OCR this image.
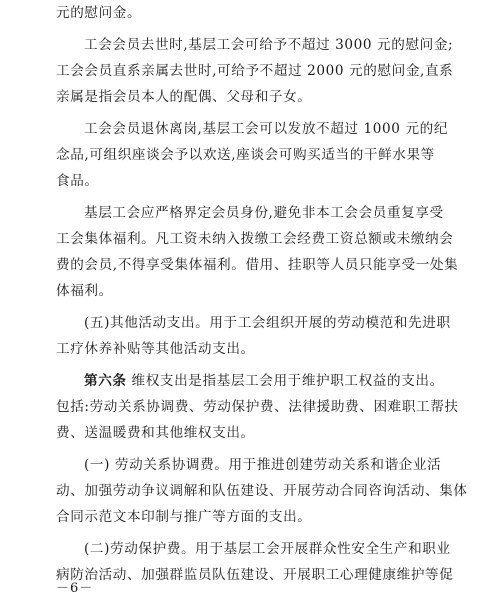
元的慰问金。
工会会员去世时,基层工会可给予不超过 3000 元的慰问金;
工会会员直系亲属去世时,可给予不超过 2000 元的慰问金,直系
亲属是指会员本人的配偶、父母和子女。
工会会员退休离岗,基层工会可以发放不超过 1000 元的纪
念品,可组织座谈会予以欢送,座谈会可购买适当的干鲜水果等
食品。
基层工会应严格界定会员身份,避免非本工会会员重复享受
工会集体福利。凡工资未纳入拨缴工会经费工资总额或未缴纳会
费的会员,不得享受集体福利。借用、挂职等人员只能享受一处集
体福利。
(五)其他活动支出。用于工会组织开展的劳动模范和先进职
工疗休养补贴等其他活动支出。
第六条 维权支出是指基层工会用于维护职工权益的支出。
包括:劳动关系协调费、劳动保护费、法律援助费、困难职工帮扶
费、送温暖费和其他维权支出。
(一) 劳动关系协调费。用于推进创建劳动关系和谐企业活
动、加强劳动争议调解和队伍建设、开展劳动合同咨询活动、集体
合同示范文本印制与推广等方面的支出。
(二)劳动保护费。用于基层工会开展群众性安全生产和职业
病防治活动、加强群监员队伍建设、开展职工心理健康维护等促
－6－
